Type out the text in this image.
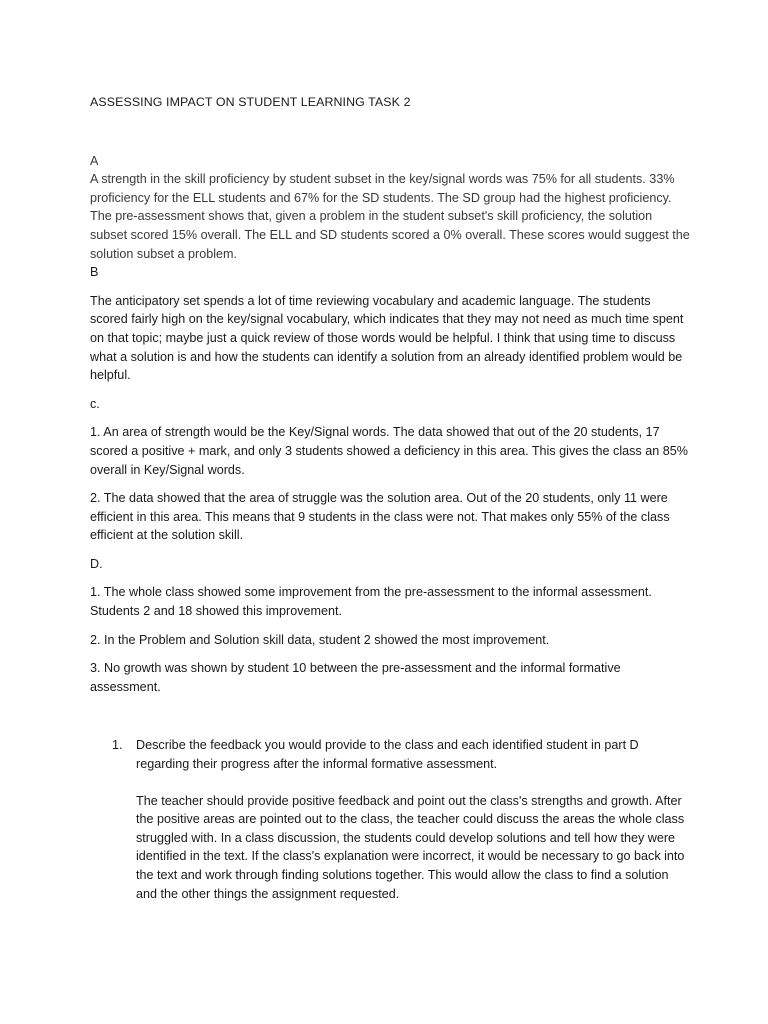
ASSESSING IMPACT ON STUDENT LEARNING TASK 2

A

A strength in the skill proficiency by student subset in the key/signal words was 75% for all students. 33% proficiency for the ELL students and 67% for the SD students. The SD group had the highest proficiency.

The pre-assessment shows that, given a problem in the student subset's skill proficiency, the solution subset scored 15% overall. The ELL and SD students scored a 0% overall. These scores would suggest the solution subset a problem.

B

The anticipatory set spends a lot of time reviewing vocabulary and academic language. The students scored fairly high on the key/signal vocabulary, which indicates that they may not need as much time spent on that topic; maybe just a quick review of those words would be helpful. I think that using time to discuss what a solution is and how the students can identify a solution from an already identified problem would be helpful.

c.

1. An area of strength would be the Key/Signal words. The data showed that out of the 20 students, 17 scored a positive + mark, and only 3 students showed a deficiency in this area. This gives the class an 85% overall in Key/Signal words.

2. The data showed that the area of struggle was the solution area. Out of the 20 students, only 11 were efficient in this area. This means that 9 students in the class were not. That makes only 55% of the class efficient at the solution skill.

D.

1. The whole class showed some improvement from the pre-assessment to the informal assessment. Students 2 and 18 showed this improvement.

2. In the Problem and Solution skill data, student 2 showed the most improvement.

3. No growth was shown by student 10 between the pre-assessment and the informal formative assessment.

1. Describe the feedback you would provide to the class and each identified student in part D regarding their progress after the informal formative assessment.

The teacher should provide positive feedback and point out the class's strengths and growth. After the positive areas are pointed out to the class, the teacher could discuss the areas the whole class struggled with. In a class discussion, the students could develop solutions and tell how they were identified in the text. If the class's explanation were incorrect, it would be necessary to go back into the text and work through finding solutions together. This would allow the class to find a solution and the other things the assignment requested.
